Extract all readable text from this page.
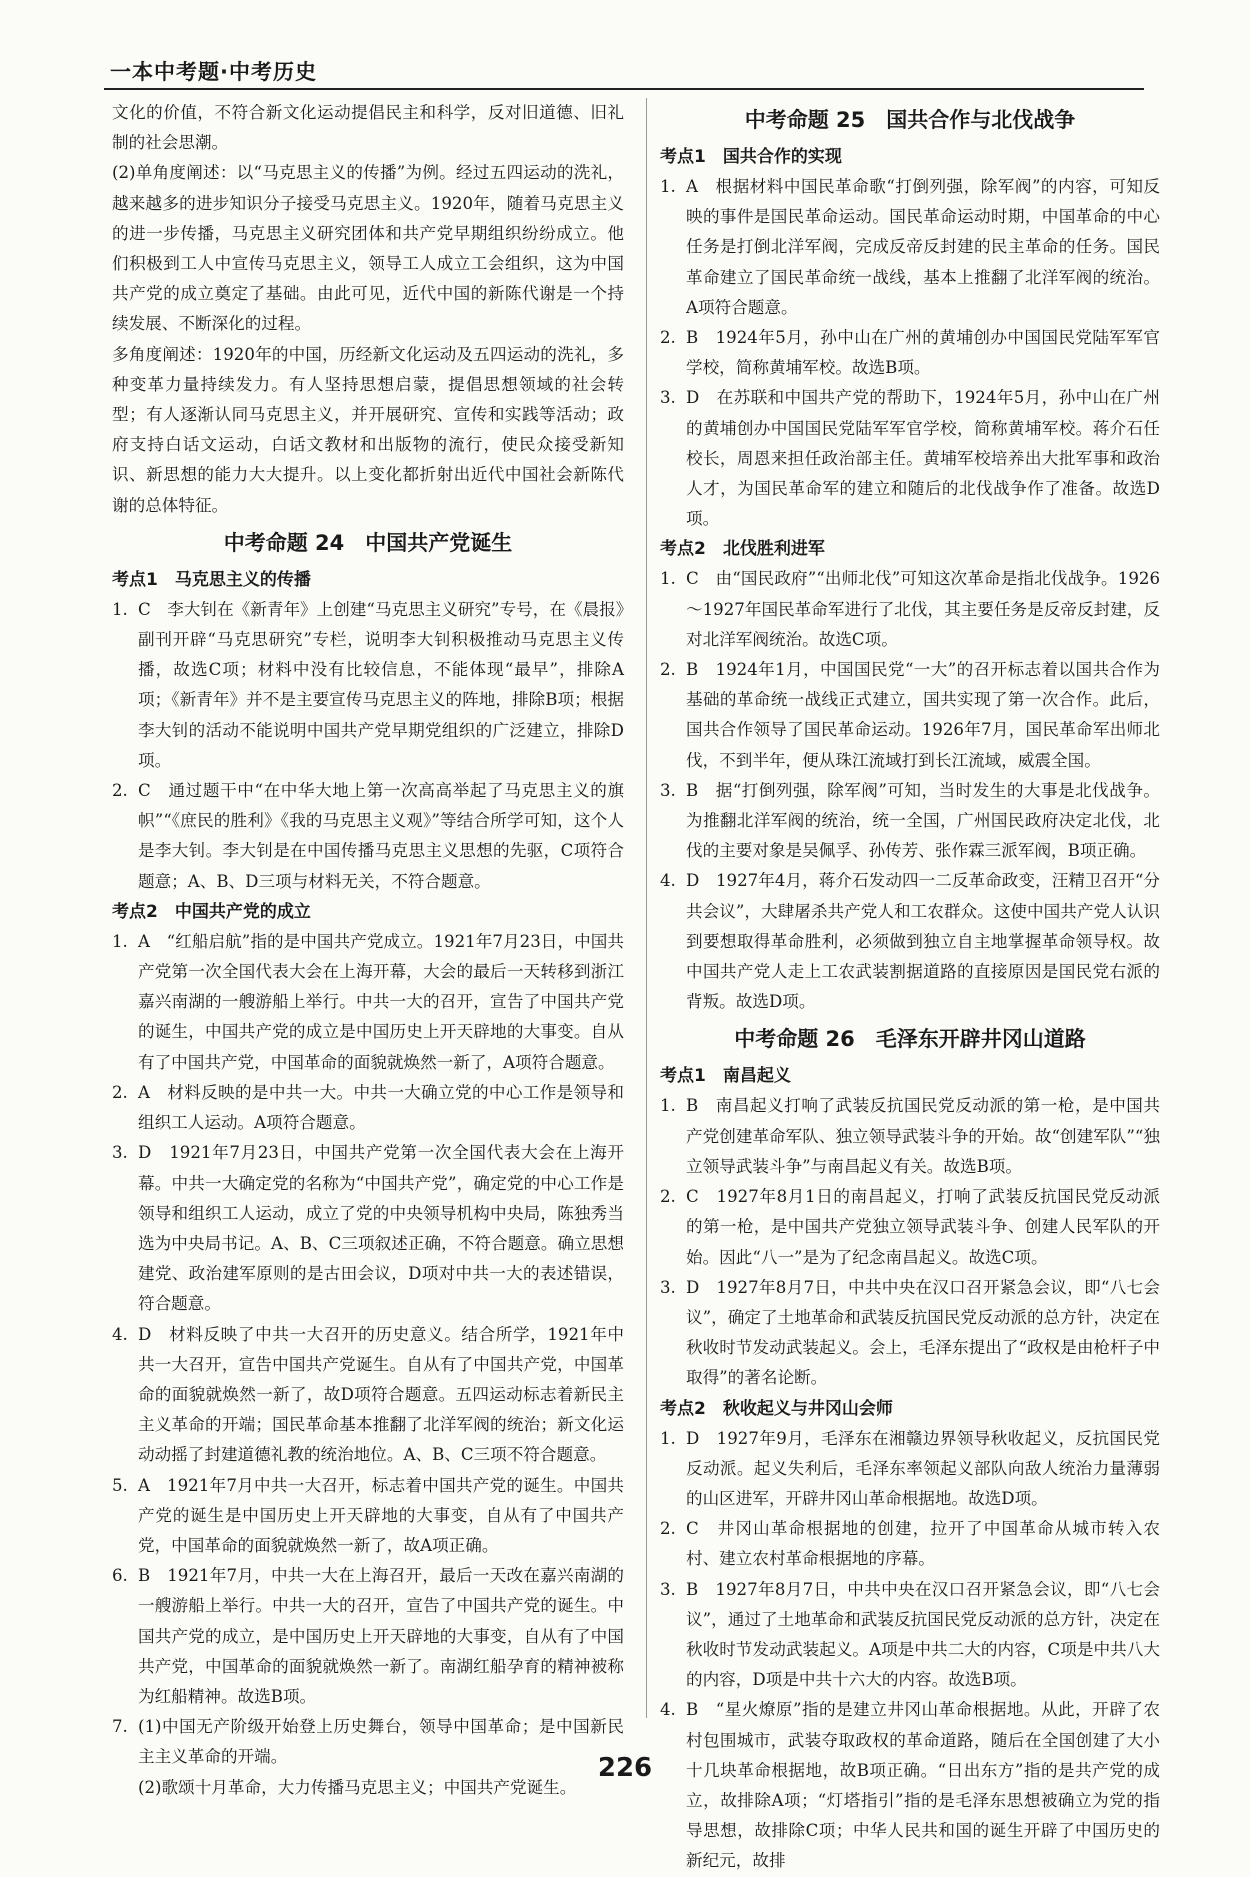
一本中考题·中考历史

文化的价值，不符合新文化运动提倡民主和科学，反对旧道德、旧礼制的社会思潮。

(2)单角度阐述：以“马克思主义的传播”为例。经过五四运动的洗礼，越来越多的进步知识分子接受马克思主义。1920年，随着马克思主义的进一步传播，马克思主义研究团体和共产党早期组织纷纷成立。他们积极到工人中宣传马克思主义，领导工人成立工会组织，这为中国共产党的成立奠定了基础。由此可见，近代中国的新陈代谢是一个持续发展、不断深化的过程。

多角度阐述：1920年的中国，历经新文化运动及五四运动的洗礼，多种变革力量持续发力。有人坚持思想启蒙，提倡思想领域的社会转型；有人逐渐认同马克思主义，并开展研究、宣传和实践等活动；政府支持白话文运动，白话文教材和出版物的流行，使民众接受新知识、新思想的能力大大提升。以上变化都折射出近代中国社会新陈代谢的总体特征。

中考命题 24　中国共产党诞生
考点1　马克思主义的传播
1. C　李大钊在《新青年》上创建“马克思主义研究”专号，在《晨报》副刊开辟“马克思研究”专栏，说明李大钊积极推动马克思主义传播，故选C项；材料中没有比较信息，不能体现“最早”，排除A项；《新青年》并不是主要宣传马克思主义的阵地，排除B项；根据李大钊的活动不能说明中国共产党早期党组织的广泛建立，排除D项。
2. C　通过题干中“在中华大地上第一次高高举起了马克思主义的旗帜”“《庶民的胜利》《我的马克思主义观》”等结合所学可知，这个人是李大钊。李大钊是在中国传播马克思主义思想的先驱，C项符合题意；A、B、D三项与材料无关，不符合题意。
考点2　中国共产党的成立
1. A　“红船启航”指的是中国共产党成立。1921年7月23日，中国共产党第一次全国代表大会在上海开幕，大会的最后一天转移到浙江嘉兴南湖的一艘游船上举行。中共一大的召开，宣告了中国共产党的诞生，中国共产党的成立是中国历史上开天辟地的大事变。自从有了中国共产党，中国革命的面貌就焕然一新了，A项符合题意。
2. A　材料反映的是中共一大。中共一大确立党的中心工作是领导和组织工人运动。A项符合题意。
3. D　1921年7月23日，中国共产党第一次全国代表大会在上海开幕。中共一大确定党的名称为“中国共产党”，确定党的中心工作是领导和组织工人运动，成立了党的中央领导机构中央局，陈独秀当选为中央局书记。A、B、C三项叙述正确，不符合题意。确立思想建党、政治建军原则的是古田会议，D项对中共一大的表述错误，符合题意。
4. D　材料反映了中共一大召开的历史意义。结合所学，1921年中共一大召开，宣告中国共产党诞生。自从有了中国共产党，中国革命的面貌就焕然一新了，故D项符合题意。五四运动标志着新民主主义革命的开端；国民革命基本推翻了北洋军阀的统治；新文化运动动摇了封建道德礼教的统治地位。A、B、C三项不符合题意。
5. A　1921年7月中共一大召开，标志着中国共产党的诞生。中国共产党的诞生是中国历史上开天辟地的大事变，自从有了中国共产党，中国革命的面貌就焕然一新了，故A项正确。
6. B　1921年7月，中共一大在上海召开，最后一天改在嘉兴南湖的一艘游船上举行。中共一大的召开，宣告了中国共产党的诞生。中国共产党的成立，是中国历史上开天辟地的大事变，自从有了中国共产党，中国革命的面貌就焕然一新了。南湖红船孕育的精神被称为红船精神。故选B项。
7. (1)中国无产阶级开始登上历史舞台，领导中国革命；是中国新民主主义革命的开端。

(2)歌颂十月革命，大力传播马克思主义；中国共产党诞生。

中考命题 25　国共合作与北伐战争
考点1　国共合作的实现
1. A　根据材料中国民革命歌“打倒列强，除军阀”的内容，可知反映的事件是国民革命运动。国民革命运动时期，中国革命的中心任务是打倒北洋军阀，完成反帝反封建的民主革命的任务。国民革命建立了国民革命统一战线，基本上推翻了北洋军阀的统治。A项符合题意。
2. B　1924年5月，孙中山在广州的黄埔创办中国国民党陆军军官学校，简称黄埔军校。故选B项。
3. D　在苏联和中国共产党的帮助下，1924年5月，孙中山在广州的黄埔创办中国国民党陆军军官学校，简称黄埔军校。蒋介石任校长，周恩来担任政治部主任。黄埔军校培养出大批军事和政治人才，为国民革命军的建立和随后的北伐战争作了准备。故选D项。
考点2　北伐胜利进军
1. C　由“国民政府”“出师北伐”可知这次革命是指北伐战争。1926～1927年国民革命军进行了北伐，其主要任务是反帝反封建，反对北洋军阀统治。故选C项。
2. B　1924年1月，中国国民党“一大”的召开标志着以国共合作为基础的革命统一战线正式建立，国共实现了第一次合作。此后，国共合作领导了国民革命运动。1926年7月，国民革命军出师北伐，不到半年，便从珠江流域打到长江流域，威震全国。
3. B　据“打倒列强，除军阀”可知，当时发生的大事是北伐战争。为推翻北洋军阀的统治，统一全国，广州国民政府决定北伐，北伐的主要对象是吴佩孚、孙传芳、张作霖三派军阀，B项正确。
4. D　1927年4月，蒋介石发动四一二反革命政变，汪精卫召开“分共会议”，大肆屠杀共产党人和工农群众。这使中国共产党人认识到要想取得革命胜利，必须做到独立自主地掌握革命领导权。故中国共产党人走上工农武装割据道路的直接原因是国民党右派的背叛。故选D项。
中考命题 26　毛泽东开辟井冈山道路
考点1　南昌起义
1. B　南昌起义打响了武装反抗国民党反动派的第一枪，是中国共产党创建革命军队、独立领导武装斗争的开始。故“创建军队”“独立领导武装斗争”与南昌起义有关。故选B项。
2. C　1927年8月1日的南昌起义，打响了武装反抗国民党反动派的第一枪，是中国共产党独立领导武装斗争、创建人民军队的开始。因此“八一”是为了纪念南昌起义。故选C项。
3. D　1927年8月7日，中共中央在汉口召开紧急会议，即“八七会议”，确定了土地革命和武装反抗国民党反动派的总方针，决定在秋收时节发动武装起义。会上，毛泽东提出了“政权是由枪杆子中取得”的著名论断。
考点2　秋收起义与井冈山会师
1. D　1927年9月，毛泽东在湘赣边界领导秋收起义，反抗国民党反动派。起义失利后，毛泽东率领起义部队向敌人统治力量薄弱的山区进军，开辟井冈山革命根据地。故选D项。
2. C　井冈山革命根据地的创建，拉开了中国革命从城市转入农村、建立农村革命根据地的序幕。
3. B　1927年8月7日，中共中央在汉口召开紧急会议，即“八七会议”，通过了土地革命和武装反抗国民党反动派的总方针，决定在秋收时节发动武装起义。A项是中共二大的内容，C项是中共八大的内容，D项是中共十六大的内容。故选B项。
4. B　“星火燎原”指的是建立井冈山革命根据地。从此，开辟了农村包围城市，武装夺取政权的革命道路，随后在全国创建了大小十几块革命根据地，故B项正确。“日出东方”指的是共产党的成立，故排除A项；“灯塔指引”指的是毛泽东思想被确立为党的指导思想，故排除C项；中华人民共和国的诞生开辟了中国历史的新纪元，故排
226
